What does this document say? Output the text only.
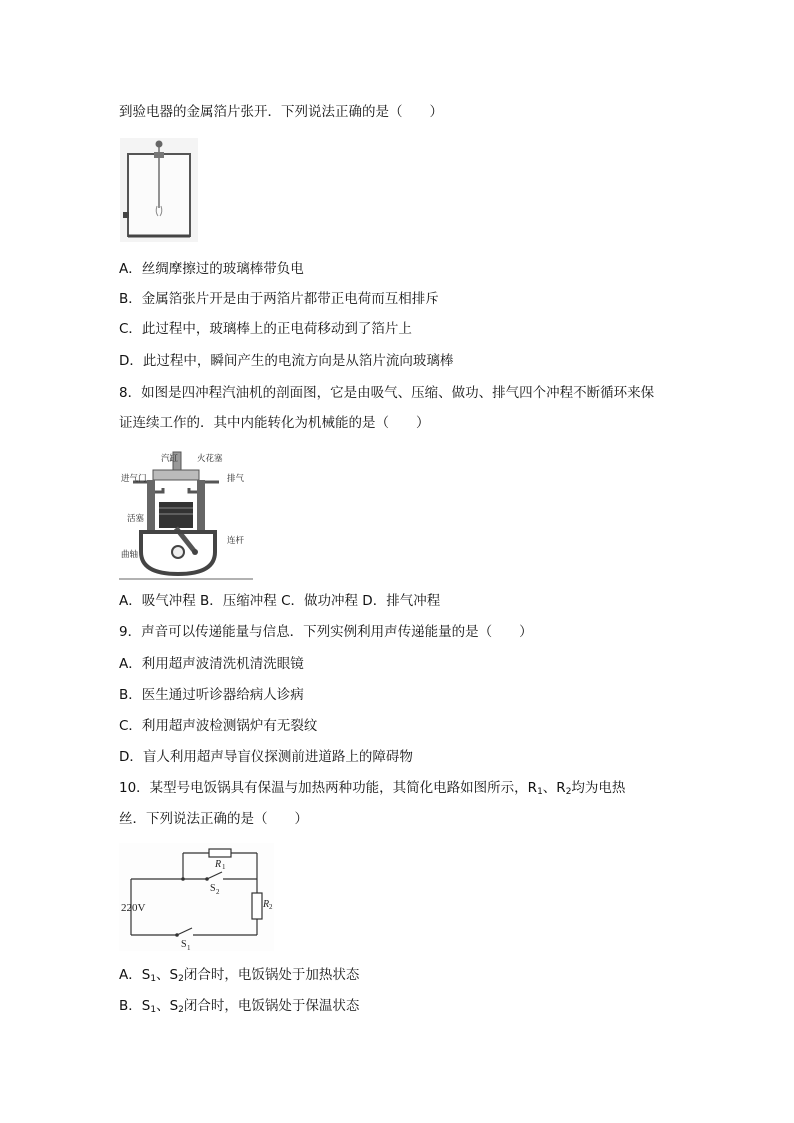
到验电器的金属箔片张开．下列说法正确的是（　　）
A．丝绸摩擦过的玻璃棒带负电
B．金属箔张片开是由于两箔片都带正电荷而互相排斥
C．此过程中，玻璃棒上的正电荷移动到了箔片上
D．此过程中，瞬间产生的电流方向是从箔片流向玻璃棒
8．如图是四冲程汽油机的剖面图，它是由吸气、压缩、做功、排气四个冲程不断循环来保
证连续工作的．其中内能转化为机械能的是（　　）
汽缸 火花塞
进气门	排气
活塞
曲轴
连杆
A．吸气冲程 B．压缩冲程 C．做功冲程 D．排气冲程
9．声音可以传递能量与信息．下列实例利用声传递能量的是（　　）
A．利用超声波清洗机清洗眼镜
B．医生通过听诊器给病人诊病
C．利用超声波检测锅炉有无裂纹
D．盲人利用超声导盲仪探测前进道路上的障碍物
10．某型号电饭锅具有保温与加热两种功能，其简化电路如图所示，$R_1$、$R_2$均为电热
丝．下列说法正确的是（　　）
220V
R 1
R 2
S 2
S 1
A．$S_1$、$S_2$闭合时，电饭锅处于加热状态
B．$S_1$、$S_2$闭合时，电饭锅处于保温状态
